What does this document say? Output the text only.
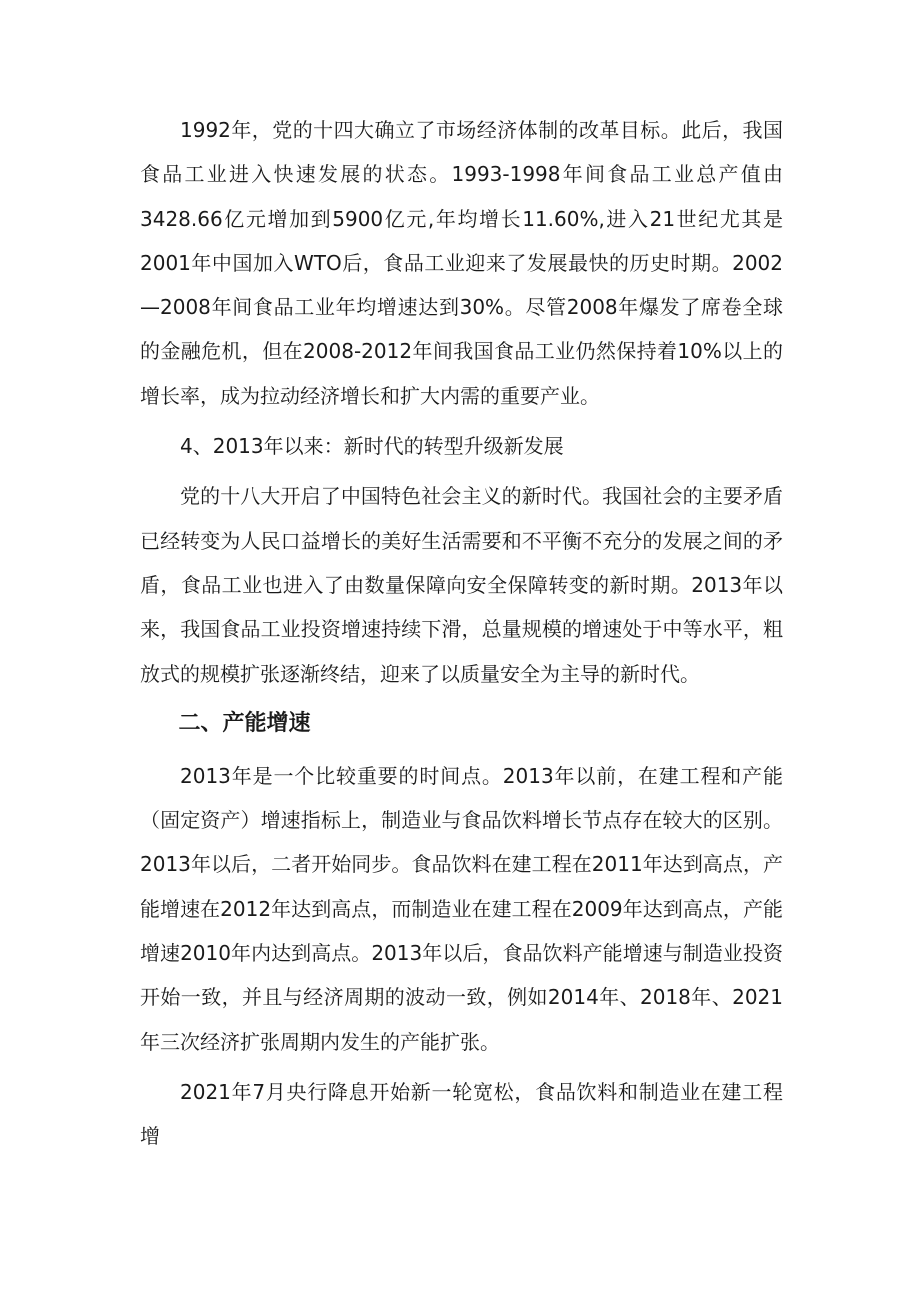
1992年，党的十四大确立了市场经济体制的改革目标。此后，我国食品工业进入快速发展的状态。1993-1998年间食品工业总产值由3428.66亿元增加到5900亿元,年均增长11.60%,进入21世纪尤其是2001年中国加入WTO后，食品工业迎来了发展最快的历史时期。2002—2008年间食品工业年均增速达到30%。尽管2008年爆发了席卷全球的金融危机，但在2008-2012年间我国食品工业仍然保持着10%以上的增长率，成为拉动经济增长和扩大内需的重要产业。

4、2013年以来：新时代的转型升级新发展

党的十八大开启了中国特色社会主义的新时代。我国社会的主要矛盾已经转变为人民口益增长的美好生活需要和不平衡不充分的发展之间的矛盾，食品工业也进入了由数量保障向安全保障转变的新时期。2013年以来，我国食品工业投资增速持续下滑，总量规模的增速处于中等水平，粗放式的规模扩张逐渐终结，迎来了以质量安全为主导的新时代。

二、产能增速

2013年是一个比较重要的时间点。2013年以前，在建工程和产能（固定资产）增速指标上，制造业与食品饮料增长节点存在较大的区别。2013年以后，二者开始同步。食品饮料在建工程在2011年达到高点，产能增速在2012年达到高点，而制造业在建工程在2009年达到高点，产能增速2010年内达到高点。2013年以后，食品饮料产能增速与制造业投资开始一致，并且与经济周期的波动一致，例如2014年、2018年、2021年三次经济扩张周期内发生的产能扩张。

2021年7月央行降息开始新一轮宽松，食品饮料和制造业在建工程增
